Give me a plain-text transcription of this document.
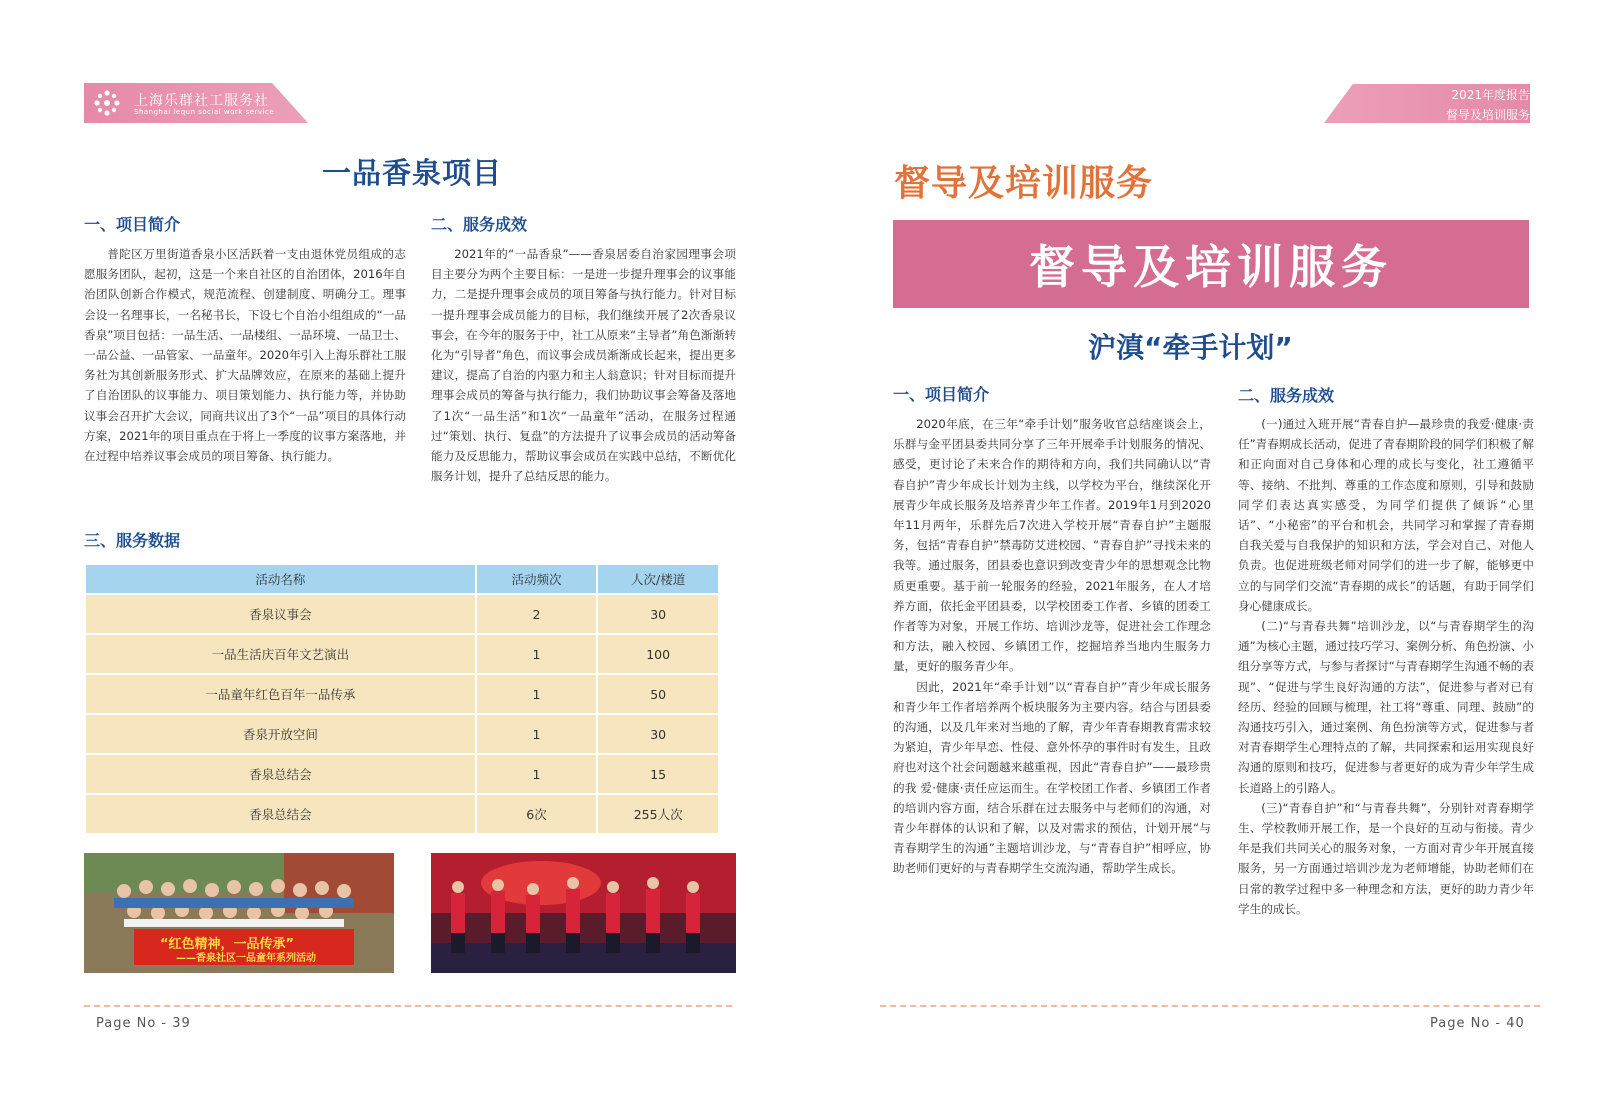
上海乐群社工服务社
Shanghai lequn social work service
2021年度报告
督导及培训服务
一品香泉项目
一、项目简介

普陀区万里街道香泉小区活跃着一支由退休党员组成的志愿服务团队，起初，这是一个来自社区的自治团体，2016年自治团队创新合作模式，规范流程、创建制度、明确分工。理事会设一名理事长，一名秘书长，下设七个自治小组组成的“一品香泉”项目包括：一品生活、一品楼组、一品环境、一品卫士、一品公益、一品管家、一品童年。2020年引入上海乐群社工服务社为其创新服务形式、扩大品牌效应，在原来的基础上提升了自治团队的议事能力、项目策划能力、执行能力等，并协助议事会召开扩大会议，同商共议出了3个“一品”项目的具体行动方案，2021年的项目重点在于将上一季度的议事方案落地，并在过程中培养议事会成员的项目筹备、执行能力。

二、服务成效

2021年的“一品香泉”——香泉居委自治家园理事会项目主要分为两个主要目标：一是进一步提升理事会的议事能力，二是提升理事会成员的项目筹备与执行能力。针对目标一提升理事会成员能力的目标，我们继续开展了2次香泉议事会，在今年的服务于中，社工从原来“主导者”角色渐渐转化为“引导者”角色，而议事会成员渐渐成长起来，提出更多建议，提高了自治的内驱力和主人翁意识；针对目标而提升理事会成员的筹备与执行能力，我们协助议事会筹备及落地了1次“一品生活”和1次“一品童年”活动，在服务过程通过“策划、执行、复盘”的方法提升了议事会成员的活动筹备能力及反思能力，帮助议事会成员在实践中总结，不断优化服务计划，提升了总结反思的能力。

三、服务数据
活动名称	活动频次	人次/楼道
香泉议事会	2	30
一品生活庆百年文艺演出	1	100
一品童年红色百年一品传承	1	50
香泉开放空间	1	30
香泉总结会	1	15
香泉总结会	6次	255人次
“红色精神，一品传承”
——香泉社区一品童年系列活动
督导及培训服务
督导及培训服务
沪滇“牵手计划”
一、项目简介

2020年底，在三年“牵手计划”服务收官总结座谈会上，乐群与金平团县委共同分享了三年开展牵手计划服务的情况、感受，更讨论了未来合作的期待和方向，我们共同确认以“青春自护”青少年成长计划为主线，以学校为平台，继续深化开展青少年成长服务及培养青少年工作者。2019年1月到2020年11月两年，乐群先后7次进入学校开展“青春自护”主题服务，包括“青春自护”禁毒防艾进校园、“青春自护”寻找未来的我等。通过服务，团县委也意识到改变青少年的思想观念比物质更重要。基于前一轮服务的经验，2021年服务，在人才培养方面，依托金平团县委，以学校团委工作者、乡镇的团委工作者等为对象，开展工作坊、培训沙龙等，促进社会工作理念和方法，融入校园、乡镇团工作，挖掘培养当地内生服务力量，更好的服务青少年。

因此，2021年“牵手计划”以“青春自护”青少年成长服务和青少年工作者培养两个板块服务为主要内容。结合与团县委的沟通，以及几年来对当地的了解，青少年青春期教育需求较为紧迫，青少年早恋、性侵、意外怀孕的事件时有发生，且政府也对这个社会问题越来越重视，因此“青春自护”——最珍贵的我 爱·健康·责任应运而生。在学校团工作者、乡镇团工作者的培训内容方面，结合乐群在过去服务中与老师们的沟通，对青少年群体的认识和了解，以及对需求的预估，计划开展“与青春期学生的沟通”主题培训沙龙，与“青春自护”相呼应，协助老师们更好的与青春期学生交流沟通，帮助学生成长。

二、服务成效

(一)通过入班开展“青春自护—最珍贵的我爱·健康·责任”青春期成长活动，促进了青春期阶段的同学们积极了解和正向面对自己身体和心理的成长与变化，社工遵循平等、接纳、不批判、尊重的工作态度和原则，引导和鼓励同学们表达真实感受，为同学们提供了倾诉“心里话”、“小秘密”的平台和机会，共同学习和掌握了青春期自我关爱与自我保护的知识和方法，学会对自己、对他人负责。也促进班级老师对同学们的进一步了解，能够更中立的与同学们交流“青春期的成长”的话题，有助于同学们身心健康成长。

(二)“与青春共舞”培训沙龙，以“与青春期学生的沟通”为核心主题，通过技巧学习、案例分析、角色扮演、小组分享等方式，与参与者探讨“与青春期学生沟通不畅的表现”、“促进与学生良好沟通的方法”，促进参与者对已有经历、经验的回顾与梳理，社工将“尊重、同理、鼓励”的沟通技巧引入，通过案例、角色扮演等方式，促进参与者对青春期学生心理特点的了解，共同探索和运用实现良好沟通的原则和技巧，促进参与者更好的成为青少年学生成长道路上的引路人。

(三)“青春自护”和“与青春共舞”，分别针对青春期学生、学校教师开展工作，是一个良好的互动与衔接。青少年是我们共同关心的服务对象，一方面对青少年开展直接服务，另一方面通过培训沙龙为老师增能，协助老师们在日常的教学过程中多一种理念和方法，更好的助力青少年学生的成长。

Page No - 39	Page No - 40
